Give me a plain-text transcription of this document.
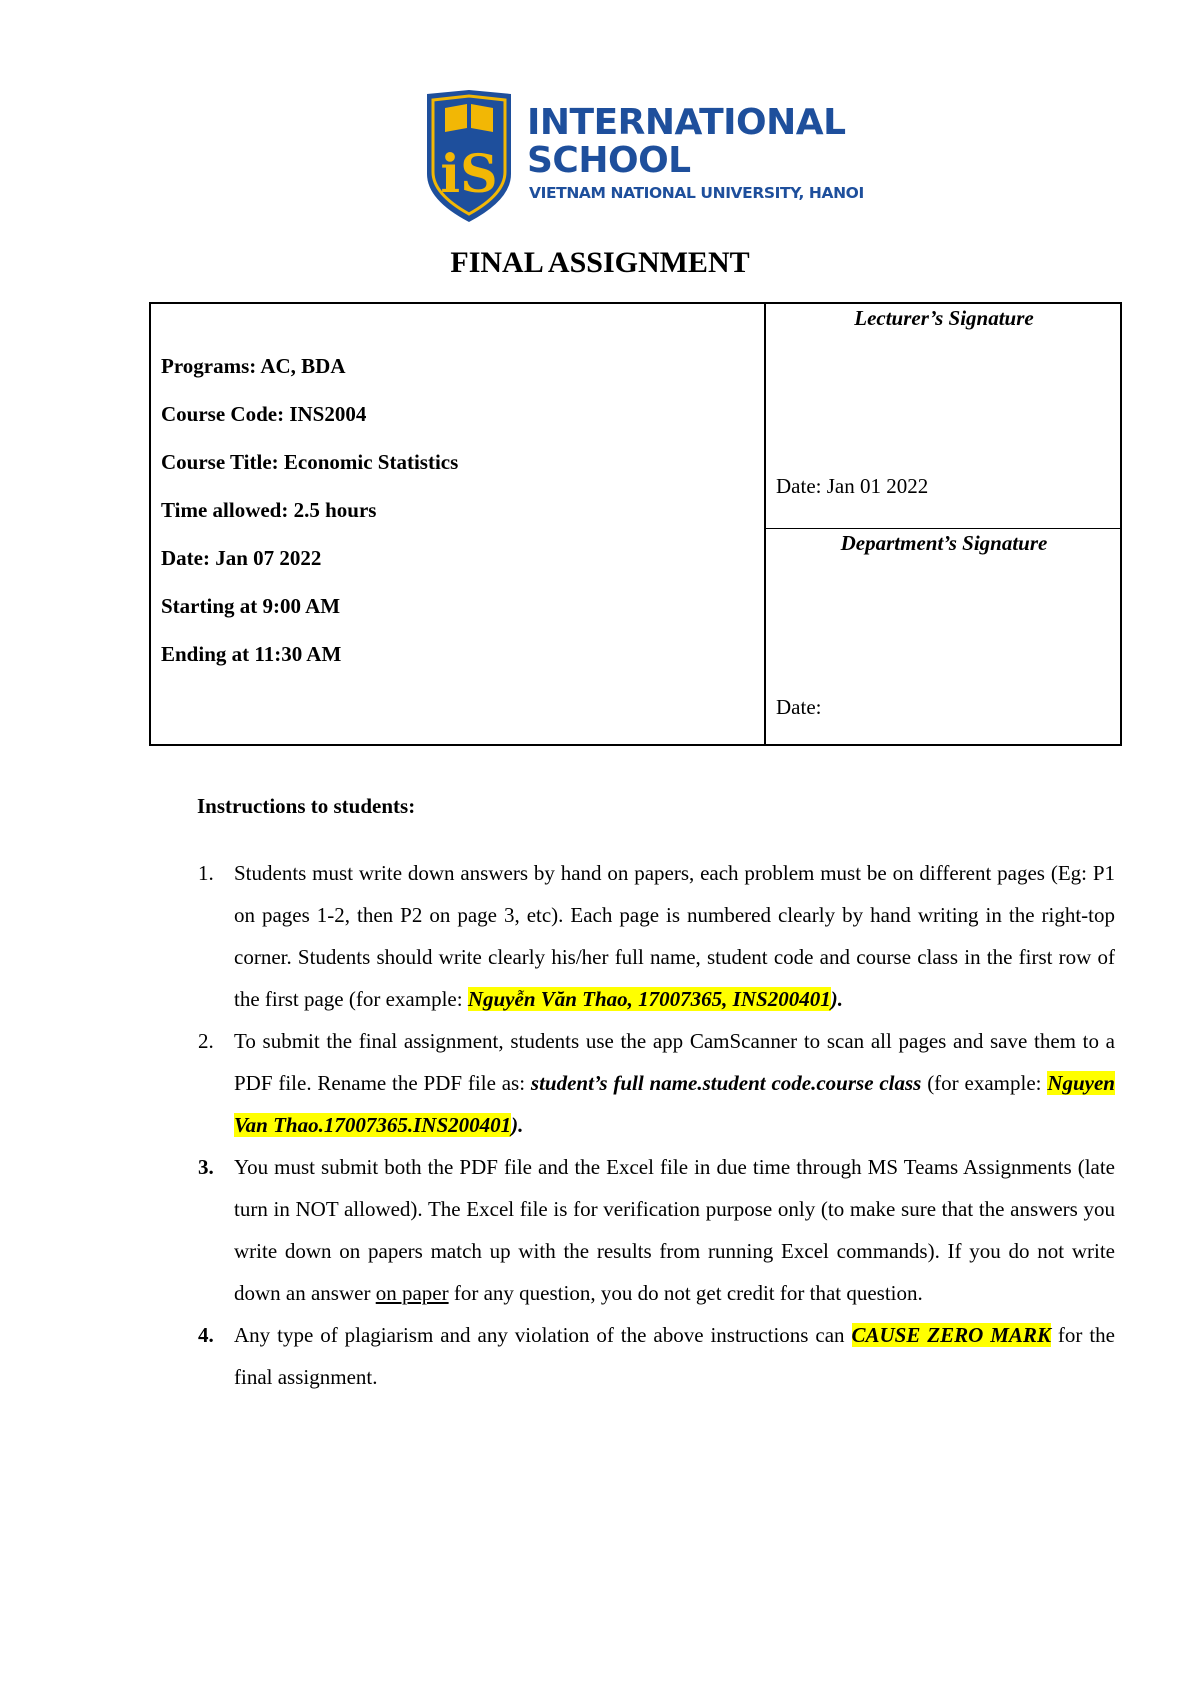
iS
INTERNATIONAL
SCHOOL
VIETNAM NATIONAL UNIVERSITY, HANOI
FINAL ASSIGNMENT
Programs: AC, BDA
Course Code: INS2004
Course Title: Economic Statistics
Time allowed: 2.5 hours
Date: Jan 07 2022
Starting at 9:00 AM
Ending at 11:30 AM
Lecturer’s Signature
Date: Jan 01 2022
Department’s Signature
Date:
Instructions to students:
1. Students must write down answers by hand on papers, each problem must be on different pages (Eg: P1 on pages 1-2, then P2 on page 3, etc). Each page is numbered clearly by hand writing in the right-top corner. Students should write clearly his/her full name, student code and course class in the first row of the first page (for example: Nguyễn Văn Thao, 17007365, INS200401).
2. To submit the final assignment, students use the app CamScanner to scan all pages and save them to a PDF file. Rename the PDF file as: student’s full name.student code.course class (for example: Nguyen Van Thao.17007365.INS200401).
3. You must submit both the PDF file and the Excel file in due time through MS Teams Assignments (late turn in NOT allowed). The Excel file is for verification purpose only (to make sure that the answers you write down on papers match up with the results from running Excel commands). If you do not write down an answer on paper for any question, you do not get credit for that question.
4. Any type of plagiarism and any violation of the above instructions can CAUSE ZERO MARK for the final assignment.
